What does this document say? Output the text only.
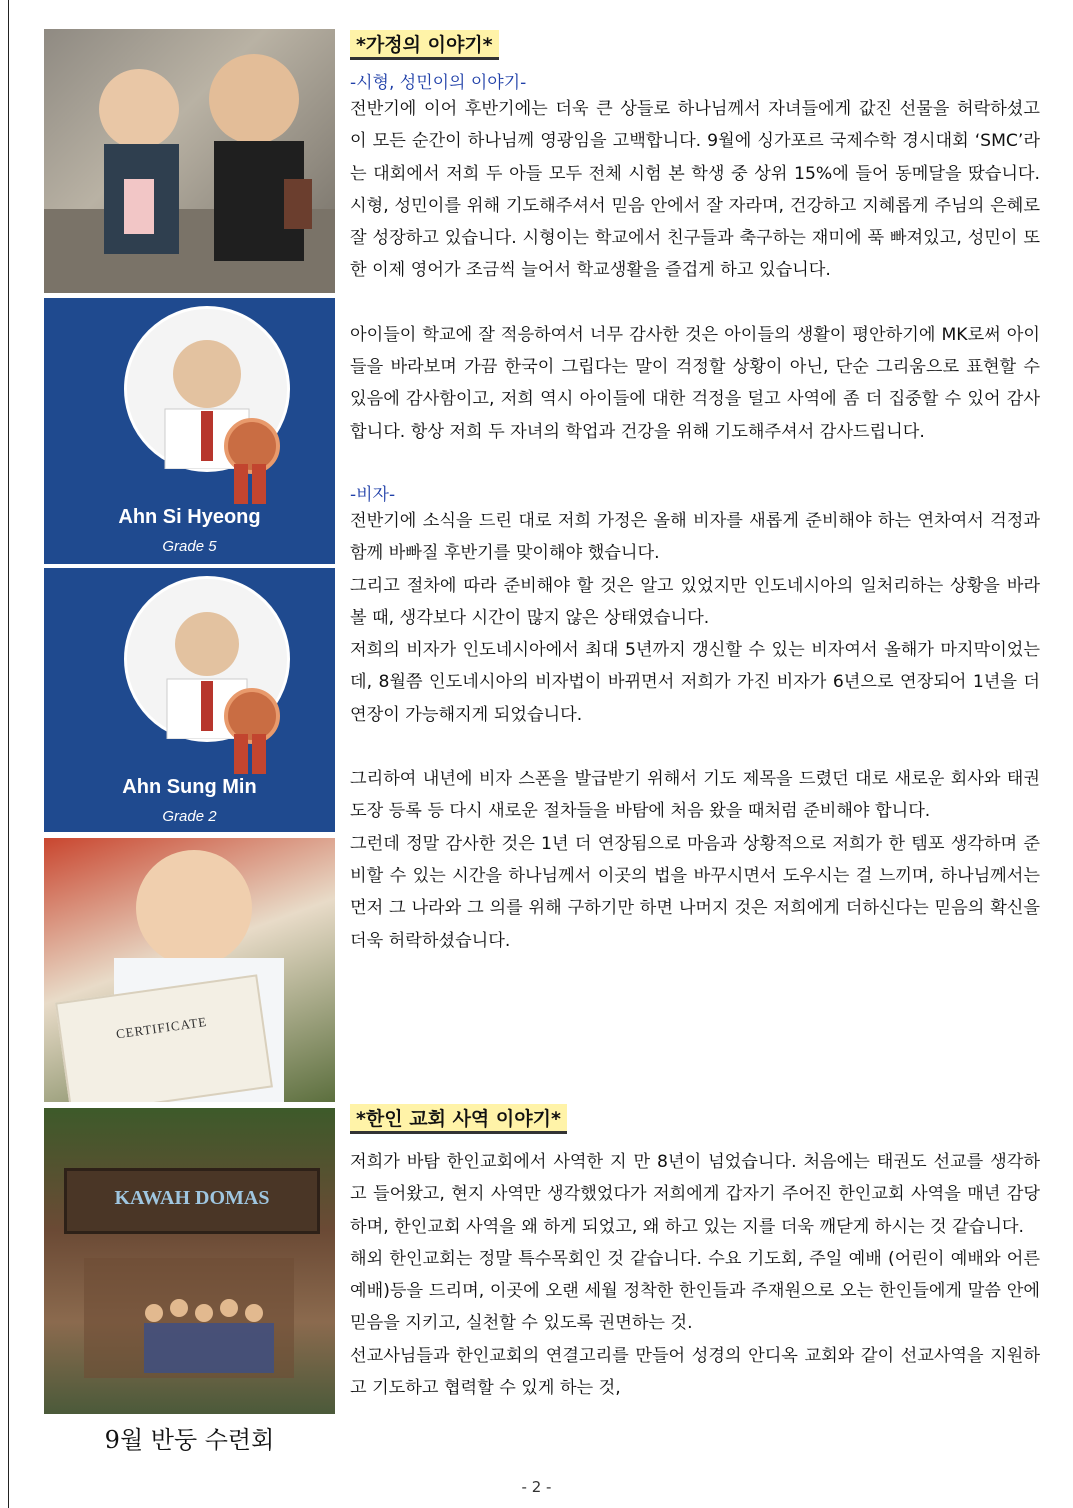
Ahn Si Hyeong
Grade 5
Ahn Sung Min
Grade 2
CERTIFICATE
KAWAH DOMAS
9월 반둥 수련회
*가정의 이야기*
-시형, 성민이의 이야기-

전반기에 이어 후반기에는 더욱 큰 상들로 하나님께서 자녀들에게 값진 선물을 허락하셨고 이 모든 순간이 하나님께 영광임을 고백합니다. 9월에 싱가포르 국제수학 경시대회 ‘SMC’라는 대회에서 저희 두 아들 모두 전체 시험 본 학생 중 상위 15%에 들어 동메달을 땄습니다. 시형, 성민이를 위해 기도해주셔서 믿음 안에서 잘 자라며, 건강하고 지혜롭게 주님의 은혜로 잘 성장하고 있습니다. 시형이는 학교에서 친구들과 축구하는 재미에 푹 빠져있고, 성민이 또한 이제 영어가 조금씩 늘어서 학교생활을 즐겁게 하고 있습니다.

아이들이 학교에 잘 적응하여서 너무 감사한 것은 아이들의 생활이 평안하기에 MK로써 아이들을 바라보며 가끔 한국이 그립다는 말이 걱정할 상황이 아닌, 단순 그리움으로 표현할 수 있음에 감사함이고, 저희 역시 아이들에 대한 걱정을 덜고 사역에 좀 더 집중할 수 있어 감사합니다. 항상 저희 두 자녀의 학업과 건강을 위해 기도해주셔서 감사드립니다.

-비자-

전반기에 소식을 드린 대로 저희 가정은 올해 비자를 새롭게 준비해야 하는 연차여서 걱정과 함께 바빠질 후반기를 맞이해야 했습니다.

그리고 절차에 따라 준비해야 할 것은 알고 있었지만 인도네시아의 일처리하는 상황을 바라볼 때, 생각보다 시간이 많지 않은 상태였습니다.

저희의 비자가 인도네시아에서 최대 5년까지 갱신할 수 있는 비자여서 올해가 마지막이었는데, 8월쯤 인도네시아의 비자법이 바뀌면서 저희가 가진 비자가 6년으로 연장되어 1년을 더 연장이 가능해지게 되었습니다.

그리하여 내년에 비자 스폰을 발급받기 위해서 기도 제목을 드렸던 대로 새로운 회사와 태권도장 등록 등 다시 새로운 절차들을 바탐에 처음 왔을 때처럼 준비해야 합니다.

그런데 정말 감사한 것은 1년 더 연장됨으로 마음과 상황적으로 저희가 한 템포 생각하며 준비할 수 있는 시간을 하나님께서 이곳의 법을 바꾸시면서 도우시는 걸 느끼며, 하나님께서는 먼저 그 나라와 그 의를 위해 구하기만 하면 나머지 것은 저희에게 더하신다는 믿음의 확신을 더욱 허락하셨습니다.

*한인 교회 사역 이야기*

저희가 바탐 한인교회에서 사역한 지 만 8년이 넘었습니다. 처음에는 태권도 선교를 생각하고 들어왔고, 현지 사역만 생각했었다가 저희에게 갑자기 주어진 한인교회 사역을 매년 감당하며, 한인교회 사역을 왜 하게 되었고, 왜 하고 있는 지를 더욱 깨닫게 하시는 것 같습니다.

해외 한인교회는 정말 특수목회인 것 같습니다. 수요 기도회, 주일 예배 (어린이 예배와 어른예배)등을 드리며, 이곳에 오랜 세월 정착한 한인들과 주재원으로 오는 한인들에게 말씀 안에 믿음을 지키고, 실천할 수 있도록 권면하는 것.

선교사님들과 한인교회의 연결고리를 만들어 성경의 안디옥 교회와 같이 선교사역을 지원하고 기도하고 협력할 수 있게 하는 것,

- 2 -
